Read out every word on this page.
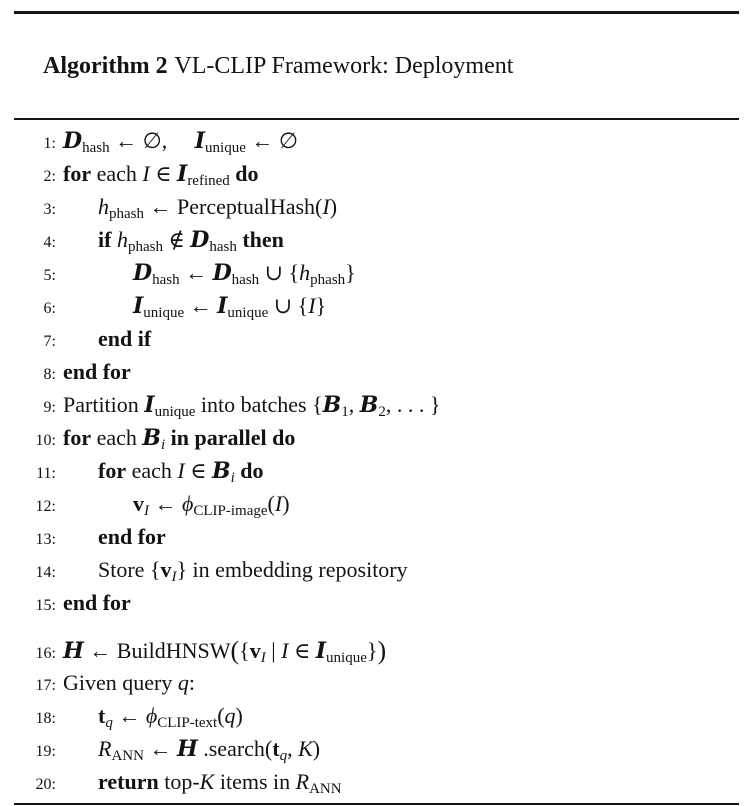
Algorithm 2 VL-CLIP Framework: Deployment

1: Dhash ← ∅,     Iunique ← ∅
2: for each I ∈ Irefined do
3: hphash ← PerceptualHash(I)
4: if hphash ∉ Dhash then
5:	Dhash ← Dhash ∪ {hphash}
6:	Iunique ← Iunique ∪ {I}
7: end if
8: end for
9: Partition Iunique into batches {B1, B2, . . . }
10: for each Bi in parallel do
11: for each I ∈ Bi do
12:	vI ← ϕCLIP-image(I)
13: end for
14: Store {vI} in embedding repository
15: end for
16: H ← BuildHNSW({vI | I ∈ Iunique})
17: Given query q:
18: tq ← ϕCLIP-text(q)
19: RANN ← H .search(tq, K)
20: return top-K items in RANN
